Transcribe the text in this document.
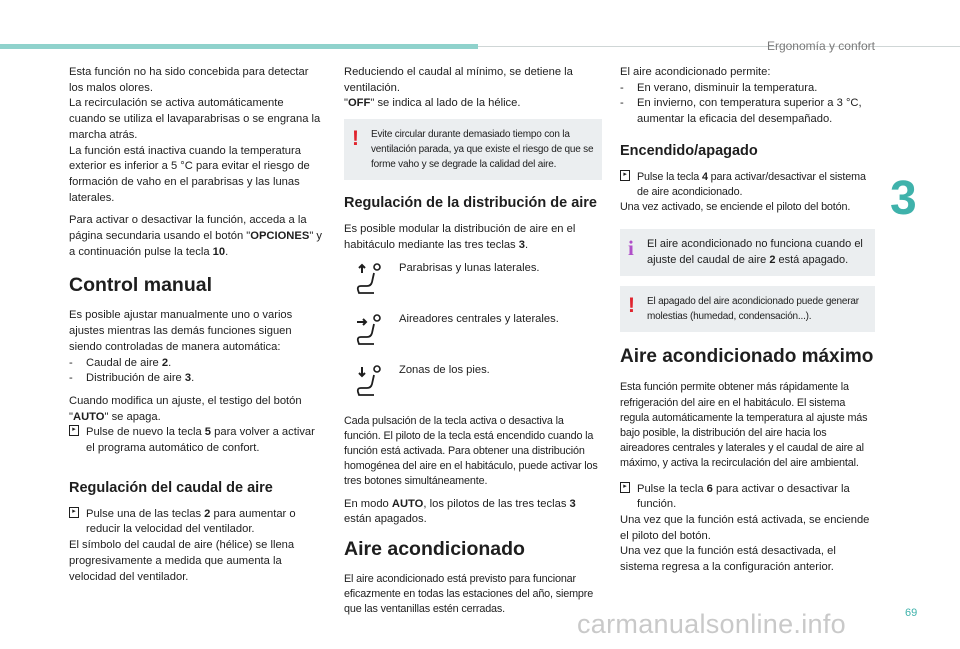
Ergonomía y confort
3

Esta función no ha sido concebida para detectar los malos olores.
La recirculación se activa automáticamente cuando se utiliza el lavaparabrisas o se engrana la marcha atrás.
La función está inactiva cuando la temperatura exterior es inferior a 5 °C para evitar el riesgo de formación de vaho en el parabrisas y las lunas laterales.

Para activar o desactivar la función, acceda a la página secundaria usando el botón "OPCIONES" y a continuación pulse la tecla 10.

Control manual

Es posible ajustar manualmente uno o varios ajustes mientras las demás funciones siguen siendo controladas de manera automática:

- Caudal de aire 2.
- Distribución de aire 3.

Cuando modifica un ajuste, el testigo del botón "AUTO" se apaga.

▸ Pulse de nuevo la tecla 5 para volver a activar el programa automático de confort.
Regulación del caudal de aire
▸ Pulse una de las teclas 2 para aumentar o reducir la velocidad del ventilador.

El símbolo del caudal de aire (hélice) se llena progresivamente a medida que aumenta la velocidad del ventilador.

Reduciendo el caudal al mínimo, se detiene la ventilación.

"OFF" se indica al lado de la hélice.

! Evite circular durante demasiado tiempo con la ventilación parada, ya que existe el riesgo de que se forme vaho y se degrade la calidad del aire.
Regulación de la distribución de aire

Es posible modular la distribución de aire en el habitáculo mediante las tres teclas 3.

Parabrisas y lunas laterales.
Aireadores centrales y laterales.
Zonas de los pies.

Cada pulsación de la tecla activa o desactiva la función. El piloto de la tecla está encendido cuando la función está activada. Para obtener una distribución homogénea del aire en el habitáculo, puede activar los tres botones simultáneamente.

En modo AUTO, los pilotos de las tres teclas 3 están apagados.

Aire acondicionado

El aire acondicionado está previsto para funcionar eficazmente en todas las estaciones del año, siempre que las ventanillas estén cerradas.

El aire acondicionado permite:

- En verano, disminuir la temperatura.
- En invierno, con temperatura superior a 3 °C, aumentar la eficacia del desempañado.
Encendido/apagado
▸ Pulse la tecla 4 para activar/desactivar el sistema de aire acondicionado.

Una vez activado, se enciende el piloto del botón.

i El aire acondicionado no funciona cuando el ajuste del caudal de aire 2 está apagado.
! El apagado del aire acondicionado puede generar molestias (humedad, condensación...).
Aire acondicionado máximo

Esta función permite obtener más rápidamente la refrigeración del aire en el habitáculo. El sistema regula automáticamente la temperatura al ajuste más bajo posible, la distribución del aire hacia los aireadores centrales y laterales y el caudal de aire al máximo, y activa la recirculación del aire ambiental.

▸ Pulse la tecla 6 para activar o desactivar la función.

Una vez que la función está activada, se enciende el piloto del botón.
Una vez que la función está desactivada, el sistema regresa a la configuración anterior.

carmanualsonline.info	69
